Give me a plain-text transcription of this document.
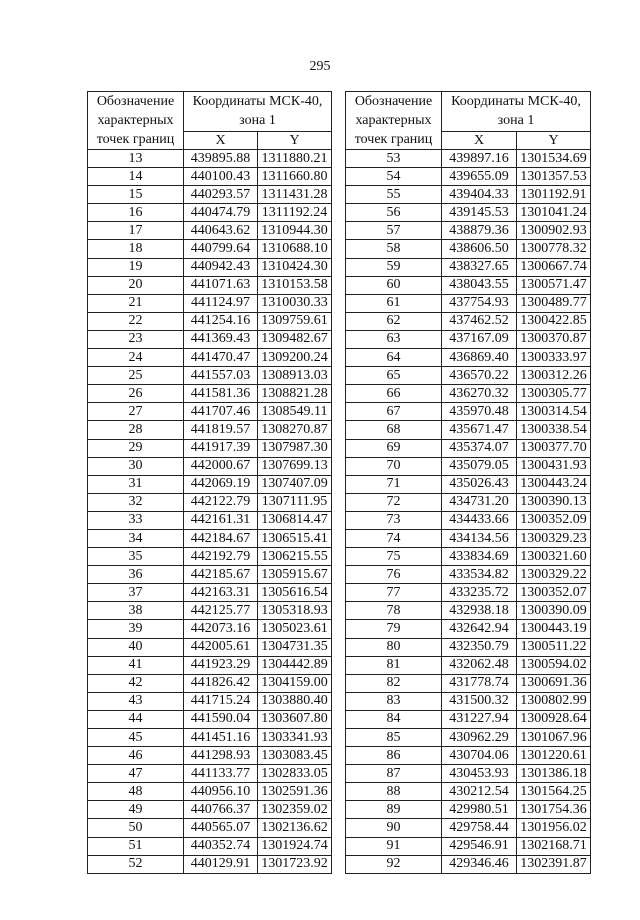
295
Обозначение
характерных
точек границ	Координаты МСК-40,
зона 1	
	X	Y
13	439895.88	1311880.21
14	440100.43	1311660.80
15	440293.57	1311431.28
16	440474.79	1311192.24
17	440643.62	1310944.30
18	440799.64	1310688.10
19	440942.43	1310424.30
20	441071.63	1310153.58
21	441124.97	1310030.33
22	441254.16	1309759.61
23	441369.43	1309482.67
24	441470.47	1309200.24
25	441557.03	1308913.03
26	441581.36	1308821.28
27	441707.46	1308549.11
28	441819.57	1308270.87
29	441917.39	1307987.30
30	442000.67	1307699.13
31	442069.19	1307407.09
32	442122.79	1307111.95
33	442161.31	1306814.47
34	442184.67	1306515.41
35	442192.79	1306215.55
36	442185.67	1305915.67
37	442163.31	1305616.54
38	442125.77	1305318.93
39	442073.16	1305023.61
40	442005.61	1304731.35
41	441923.29	1304442.89
42	441826.42	1304159.00
43	441715.24	1303880.40
44	441590.04	1303607.80
45	441451.16	1303341.93
46	441298.93	1303083.45
47	441133.77	1302833.05
48	440956.10	1302591.36
49	440766.37	1302359.02
50	440565.07	1302136.62
51	440352.74	1301924.74
52	440129.91	1301723.92
Обозначение
характерных
точек границ	Координаты МСК-40,
зона 1	
	X	Y
53	439897.16	1301534.69
54	439655.09	1301357.53
55	439404.33	1301192.91
56	439145.53	1301041.24
57	438879.36	1300902.93
58	438606.50	1300778.32
59	438327.65	1300667.74
60	438043.55	1300571.47
61	437754.93	1300489.77
62	437462.52	1300422.85
63	437167.09	1300370.87
64	436869.40	1300333.97
65	436570.22	1300312.26
66	436270.32	1300305.77
67	435970.48	1300314.54
68	435671.47	1300338.54
69	435374.07	1300377.70
70	435079.05	1300431.93
71	435026.43	1300443.24
72	434731.20	1300390.13
73	434433.66	1300352.09
74	434134.56	1300329.23
75	433834.69	1300321.60
76	433534.82	1300329.22
77	433235.72	1300352.07
78	432938.18	1300390.09
79	432642.94	1300443.19
80	432350.79	1300511.22
81	432062.48	1300594.02
82	431778.74	1300691.36
83	431500.32	1300802.99
84	431227.94	1300928.64
85	430962.29	1301067.96
86	430704.06	1301220.61
87	430453.93	1301386.18
88	430212.54	1301564.25
89	429980.51	1301754.36
90	429758.44	1301956.02
91	429546.91	1302168.71
92	429346.46	1302391.87
